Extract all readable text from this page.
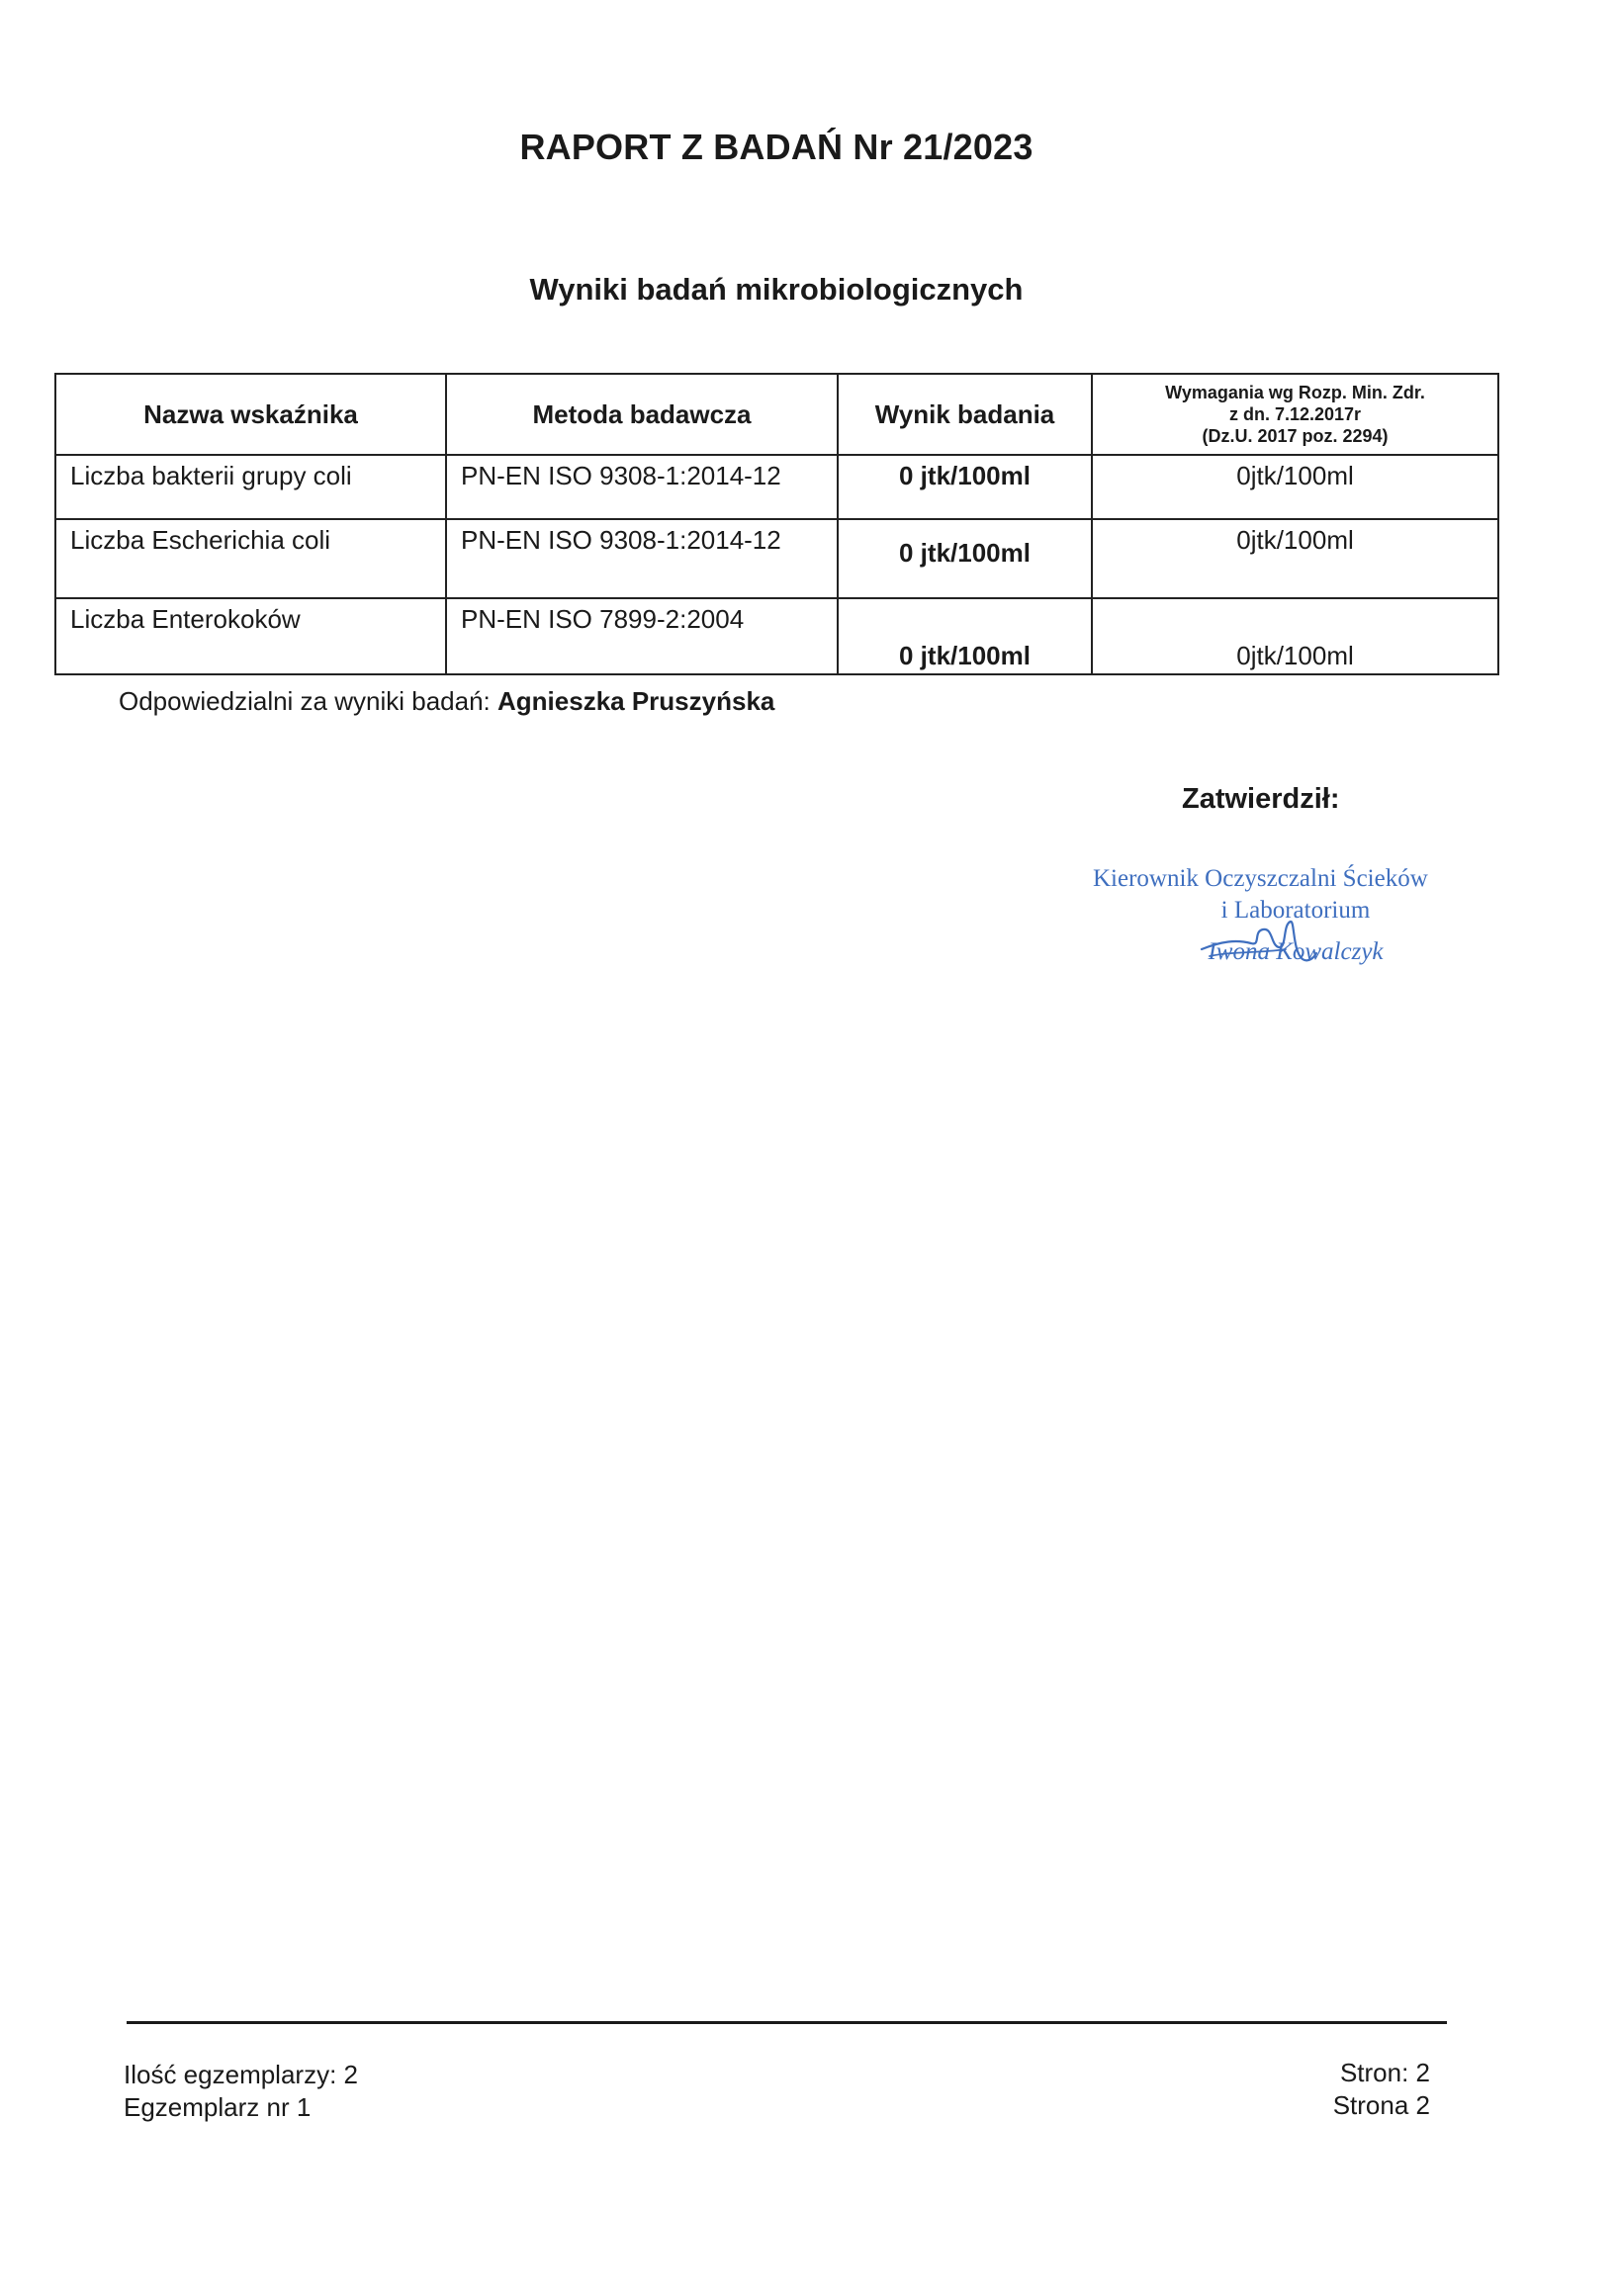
RAPORT Z BADAŃ Nr 21/2023
Wyniki badań mikrobiologicznych
Nazwa wskaźnika	Metoda badawcza	Wynik badania	Wymagania wg Rozp. Min. Zdr.
z dn. 7.12.2017r
(Dz.U. 2017 poz. 2294)

Liczba bakterii grupy coli	PN-EN ISO 9308-1:2014-12	0 jtk/100ml	0jtk/100ml
Liczba Escherichia coli	PN-EN ISO 9308-1:2014-12	0 jtk/100ml	0jtk/100ml
Liczba Enterokoków	PN-EN ISO 7899-2:2004	0 jtk/100ml	0jtk/100ml
Odpowiedzialni za wyniki badań: Agnieszka Pruszyńska
Zatwierdził:
Kierownik Oczyszczalni Ścieków
i Laboratorium
Iwona Kowalczyk
Ilość egzemplarzy: 2
Egzemplarz nr 1
Stron: 2
Strona 2
